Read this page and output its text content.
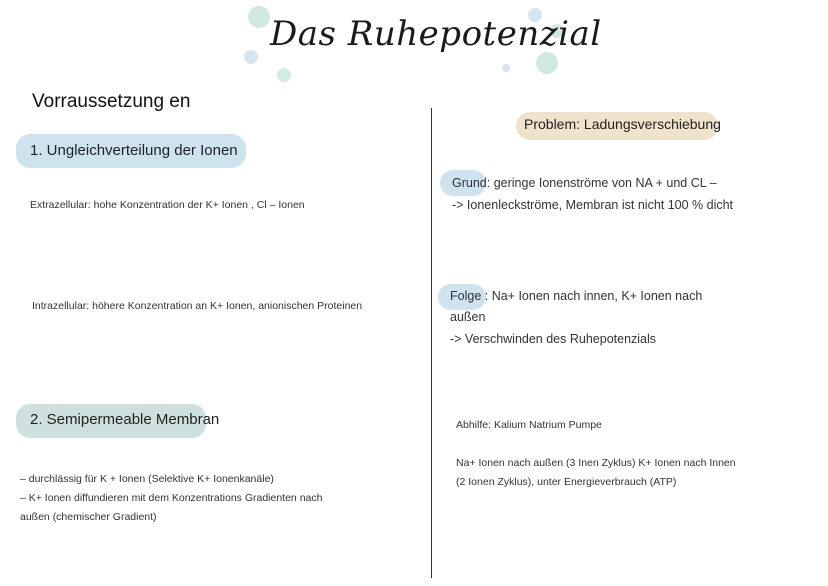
Das Ruhepotenzial
Vorraussetzung en
1. Ungleichverteilung der Ionen
Extrazellular: hohe Konzentration der K+ Ionen , Cl – Ionen
Intrazellular: höhere Konzentration an K+ Ionen, anionischen Proteinen
2. Semipermeable Membran
– durchlässig für K + Ionen (Selektive K+ Ionenkanäle)
– K+ Ionen diffundieren mit dem Konzentrations Gradienten nach
außen (chemischer Gradient)
Problem: Ladungsverschiebung
Grund: geringe Ionenströme von NA + und CL –
-> Ionenleckströme, Membran ist nicht 100 % dicht
Folge : Na+ Ionen nach innen, K+ Ionen nach
außen
-> Verschwinden des Ruhepotenzials
Abhilfe: Kalium Natrium Pumpe
Na+ Ionen nach außen (3 Inen Zyklus) K+ Ionen nach Innen
(2 Ionen Zyklus), unter Energieverbrauch (ATP)
